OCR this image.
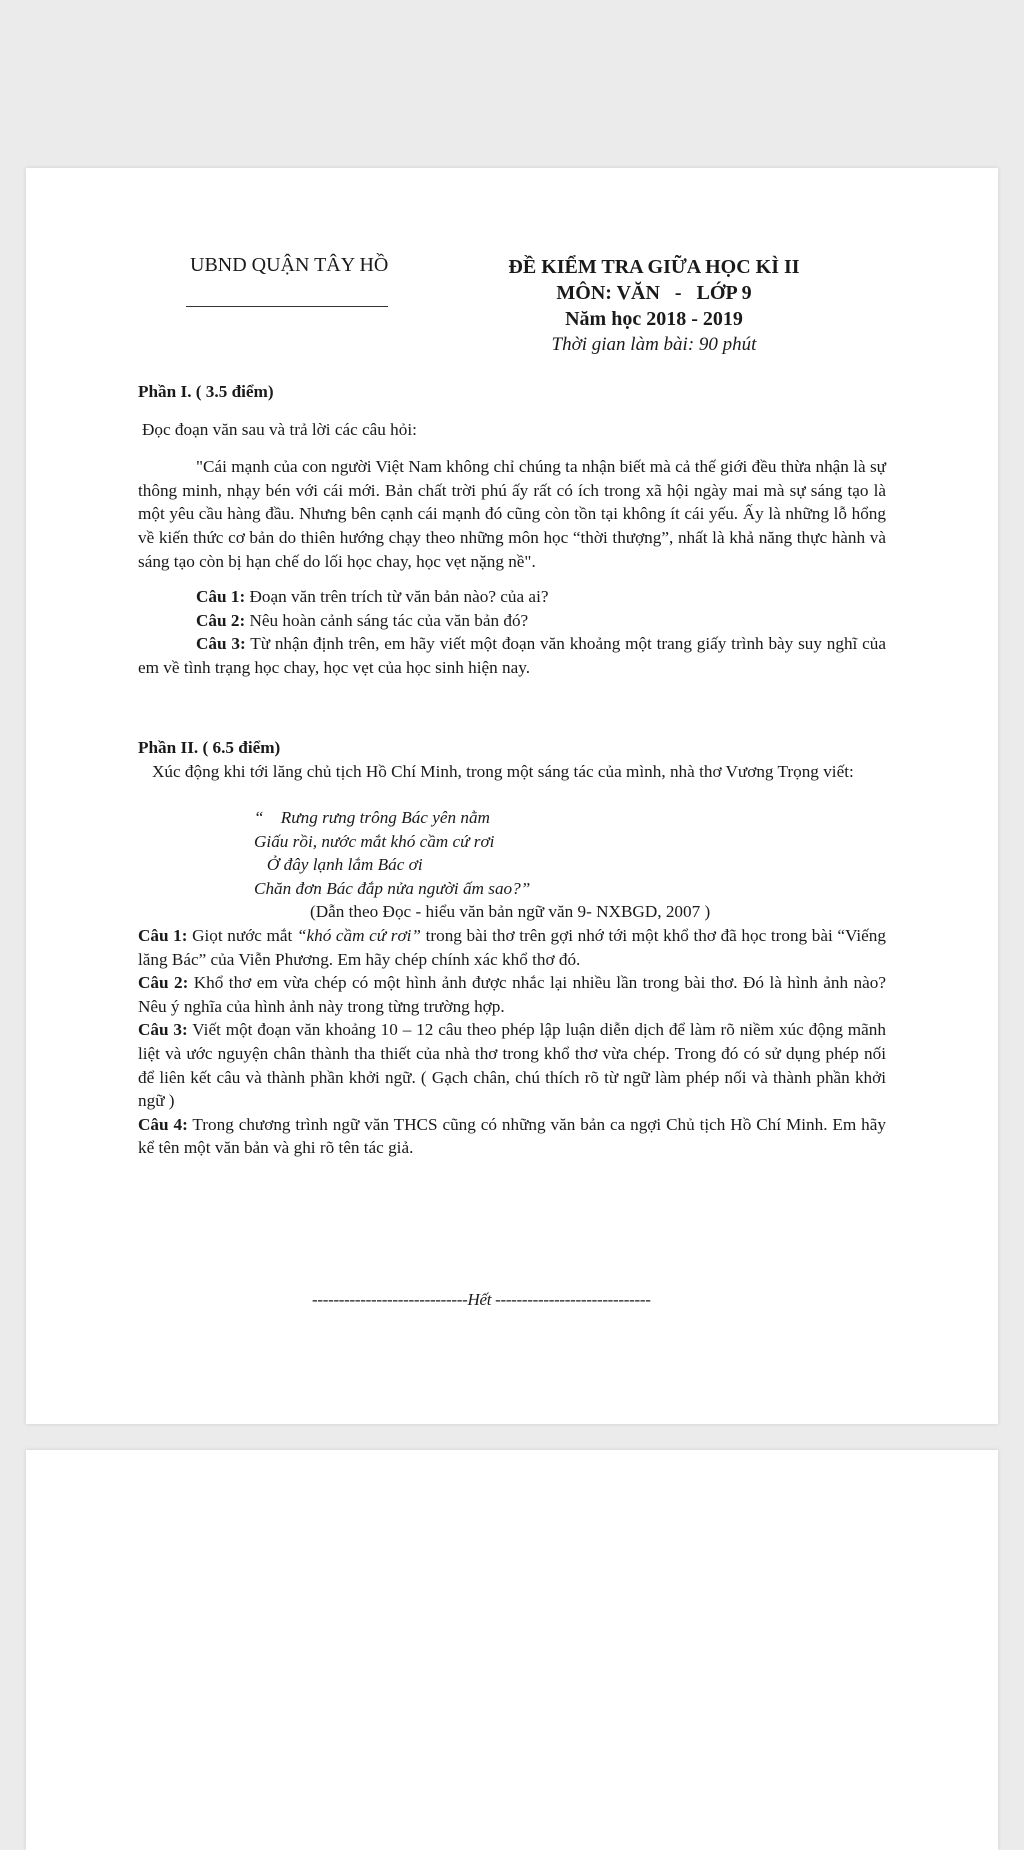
UBND QUẬN TÂY HỒ	ĐỀ KIỂM TRA GIỮA HỌC KÌ II
MÔN: VĂN   -   LỚP 9
Năm học 2018 - 2019
Thời gian làm bài: 90 phút

Phần I. ( 3.5 điểm)

Đọc đoạn văn sau và trả lời các câu hỏi:

"Cái mạnh của con người Việt Nam không chỉ chúng ta nhận biết mà cả thế giới đều thừa nhận là sự thông minh, nhạy bén với cái mới. Bản chất trời phú ấy rất có ích trong xã hội ngày mai mà sự sáng tạo là một yêu cầu hàng đầu. Nhưng bên cạnh cái mạnh đó cũng còn tồn tại không ít cái yếu. Ấy là những lỗ hổng về kiến thức cơ bản do thiên hướng chạy theo những môn học “thời thượng”, nhất là khả năng thực hành và sáng tạo còn bị hạn chế do lối học chay, học vẹt nặng nề".

Câu 1: Đoạn văn trên trích từ văn bản nào? của ai?

Câu 2: Nêu hoàn cảnh sáng tác của văn bản đó?

Câu 3: Từ nhận định trên, em hãy viết một đoạn văn khoảng một trang giấy trình bày suy nghĩ của em về tình trạng học chay, học vẹt của học sinh hiện nay.

Phần II. ( 6.5 điểm)

Xúc động khi tới lăng chủ tịch Hồ Chí Minh, trong một sáng tác của mình, nhà thơ Vương Trọng viết:

“    Rưng rưng trông Bác yên nằm
Giấu rồi, nước mắt khó cầm cứ rơi
Ở đây lạnh lắm Bác ơi
Chăn đơn Bác đắp nửa người ấm sao?”
(Dẫn theo Đọc - hiểu văn bản ngữ văn 9- NXBGD, 2007 )

Câu 1: Giọt nước mắt “khó cầm cứ rơi” trong bài thơ trên gợi nhớ tới một khổ thơ đã học trong bài “Viếng lăng Bác” của Viễn Phương. Em hãy chép chính xác khổ thơ đó.

Câu 2: Khổ thơ em vừa chép có một hình ảnh được nhắc lại nhiều lần trong bài thơ. Đó là hình ảnh nào? Nêu ý nghĩa của hình ảnh này trong từng trường hợp.

Câu 3: Viết một đoạn văn khoảng 10 – 12 câu theo phép lập luận diễn dịch để làm rõ niềm xúc động mãnh liệt và ước nguyện chân thành tha thiết của nhà thơ trong khổ thơ vừa chép. Trong đó có sử dụng phép nối để liên kết câu và thành phần khởi ngữ. ( Gạch chân, chú thích rõ từ ngữ làm phép nối và thành phần khởi ngữ )

Câu 4: Trong chương trình ngữ văn THCS cũng có những văn bản ca ngợi Chủ tịch Hồ Chí Minh. Em hãy kể tên một văn bản và ghi rõ tên tác giả.

-----------------------------Hết -----------------------------
